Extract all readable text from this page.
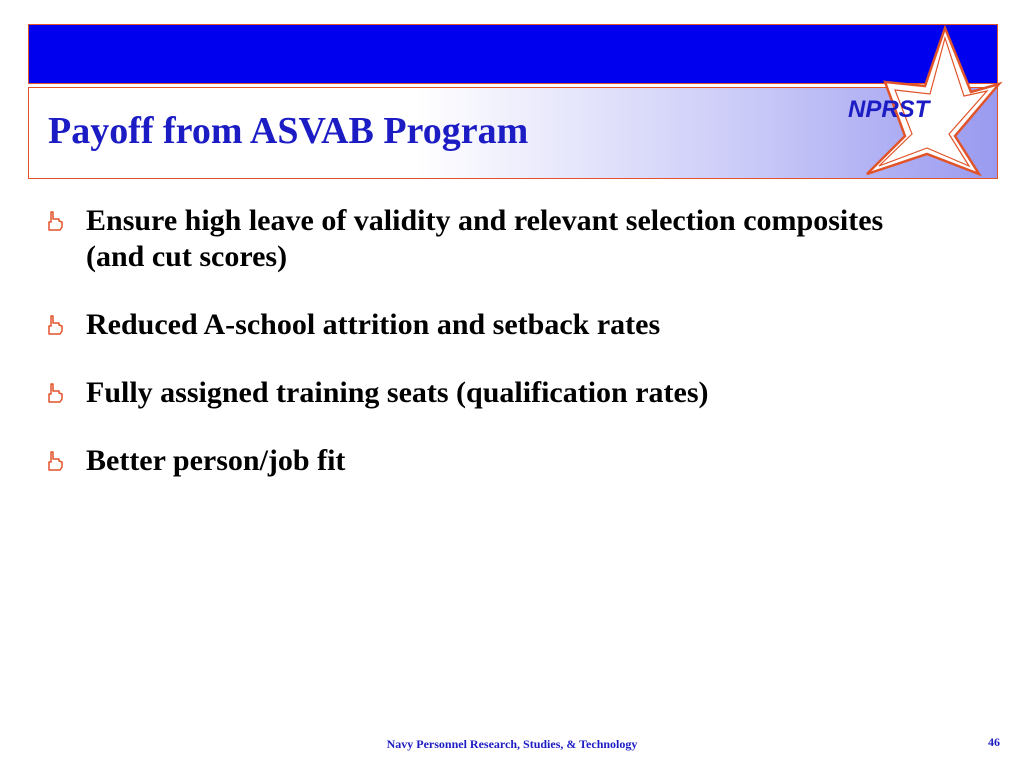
Payoff from ASVAB Program
NPRST
Ensure high leave of validity and relevant selection composites (and cut scores)
Reduced A-school attrition and setback rates
Fully assigned training seats (qualification rates)
Better person/job fit
Navy Personnel Research, Studies, & Technology	46
